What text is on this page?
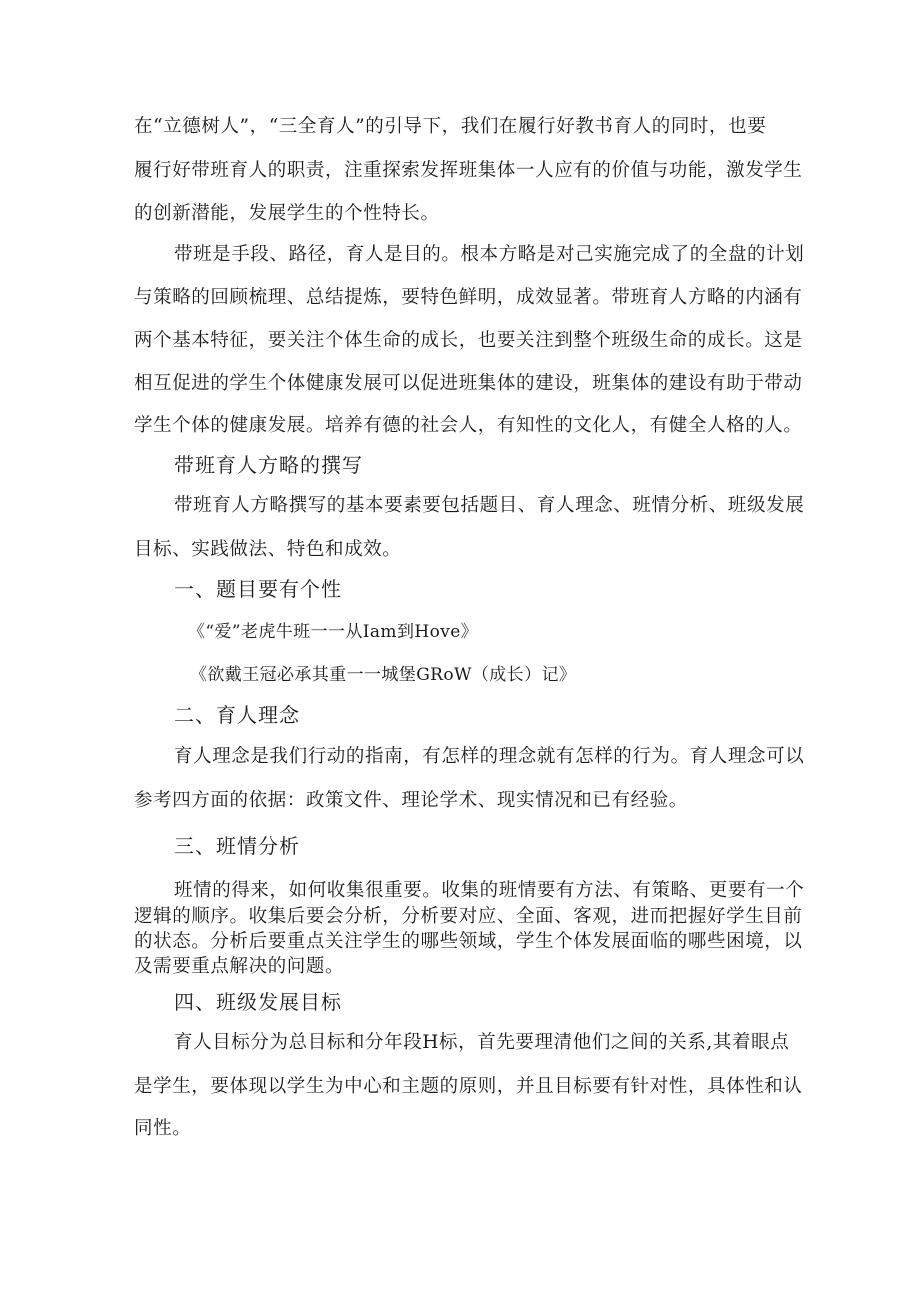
在“立德树人”，“三全育人”的引导下，我们在履行好教书育人的同时，也要
履行好带班育人的职责，注重探索发挥班集体一人应有的价值与功能，激发学生
的创新潜能，发展学生的个性特长。
带班是手段、路径，育人是目的。根本方略是对己实施完成了的全盘的计划
与策略的回顾梳理、总结提炼，要特色鲜明，成效显著。带班育人方略的内涵有
两个基本特征，要关注个体生命的成长，也要关注到整个班级生命的成长。这是
相互促进的学生个体健康发展可以促进班集体的建设，班集体的建设有助于带动
学生个体的健康发展。培养有德的社会人，有知性的文化人，有健全人格的人。
带班育人方略的撰写
带班育人方略撰写的基本要素要包括题目、育人理念、班情分析、班级发展
目标、实践做法、特色和成效。
一、题目要有个性
《“爱”老虎牛班一一从Iam到Hove》
《欲戴王冠必承其重一一城堡GRoW（成长）记》
二、育人理念
育人理念是我们行动的指南，有怎样的理念就有怎样的行为。育人理念可以
参考四方面的依据：政策文件、理论学术、现实情况和已有经验。
三、班情分析
班情的得来，如何收集很重要。收集的班情要有方法、有策略、更要有一个
逻辑的顺序。收集后要会分析，分析要对应、全面、客观，进而把握好学生目前
的状态。分析后要重点关注学生的哪些领域，学生个体发展面临的哪些困境，以
及需要重点解决的问题。
四、班级发展目标
育人目标分为总目标和分年段H标，首先要理清他们之间的关系,其着眼点
是学生，要体现以学生为中心和主题的原则，并且目标要有针对性，具体性和认
同性。
